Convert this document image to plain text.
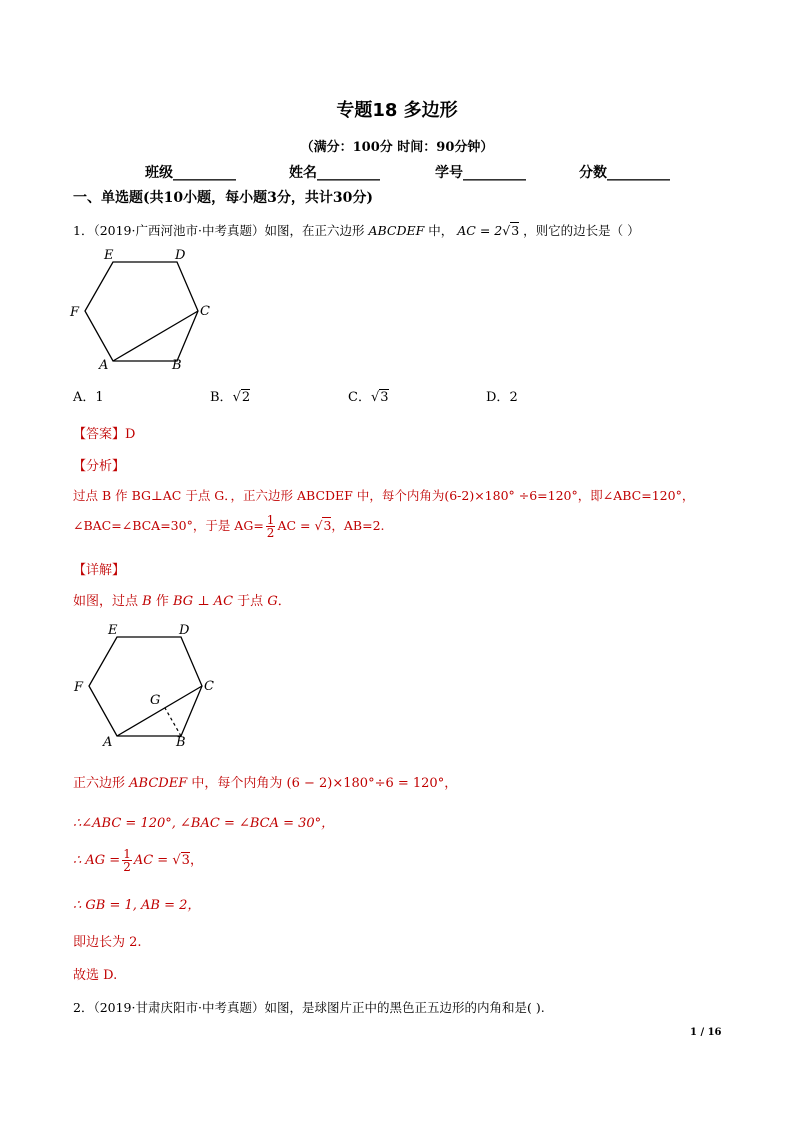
专题18 多边形
（满分：100分 时间：90分钟）
班级_________	姓名_________	学号_________	分数_________
一、单选题(共10小题，每小题3分，共计30分)
1．（2019·广西河池市·中考真题）如图，在正六边形 ABCDEF 中， AC = 2√3 ，则它的边长是（ ）
E	D
F	C
A	B
A．1	B．√2	C．√3	D．2
【答案】D
【分析】
过点 B 作 BG⊥AC 于点 G．，正六边形 ABCDEF 中，每个内角为(6-2)×180° ÷6=120°，即∠ABC=120°，
∠BAC=∠BCA=30°，于是 $AG= \frac{1}{2}$ AC = √3，AB=2.
【详解】
如图，过点 B 作 BG ⊥ AC 于点 G．
E	D
F	C
G
A	B
正六边形 ABCDEF 中，每个内角为 (6 − 2)×180°÷6 = 120°，
∴∠ABC = 120°, ∠BAC = ∠BCA = 30°，
∴ AG = $\frac{1}{2}$ AC = √3，
∴ GB = 1, AB = 2，
即边长为 2.
故选 D.
2．（2019·甘肃庆阳市·中考真题）如图，是球图片正中的黑色正五边形的内角和是( ).
1 / 16
